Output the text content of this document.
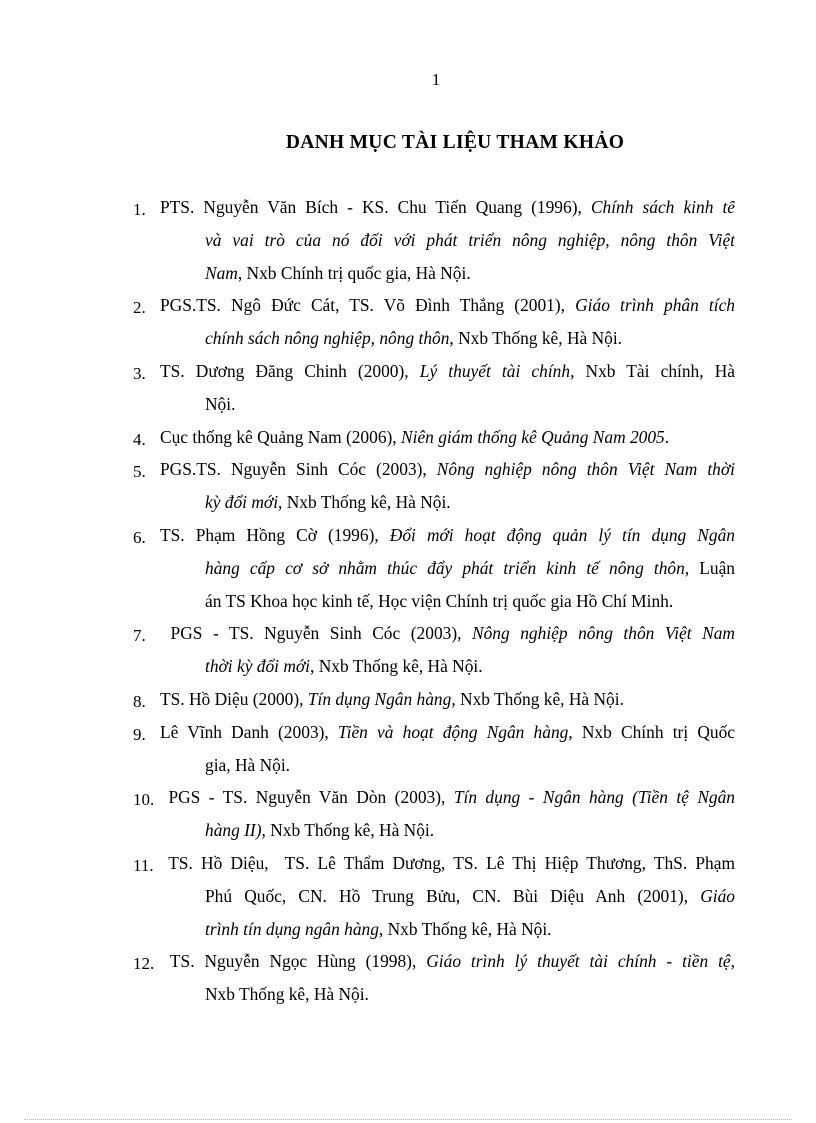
1
DANH MỤC TÀI LIỆU THAM KHẢO
1. PTS. Nguyễn Văn Bích - KS. Chu Tiến Quang (1996), Chính sách kinh tế
và vai trò của nó đối với phát triển nông nghiệp, nông thôn Việt
Nam, Nxb Chính trị quốc gia, Hà Nội.
2. PGS.TS. Ngô Đức Cát, TS. Võ Đình Thắng (2001), Giáo trình phân tích
chính sách nông nghiệp, nông thôn, Nxb Thống kê, Hà Nội.
3. TS. Dương Đăng Chinh (2000), Lý thuyết tài chính, Nxb Tài chính, Hà
Nội.
4. Cục thống kê Quảng Nam (2006), Niên giám thống kê Quảng Nam 2005.
5. PGS.TS. Nguyễn Sinh Cóc (2003), Nông nghiệp nông thôn Việt Nam thời
kỳ đổi mới, Nxb Thống kê, Hà Nội.
6. TS. Phạm Hồng Cờ (1996), Đổi mới hoạt động quản lý tín dụng Ngân
hàng cấp cơ sở nhằm thúc đẩy phát triển kinh tế nông thôn, Luận
án TS Khoa học kinh tế, Học viện Chính trị quốc gia Hồ Chí Minh.
7. PGS - TS. Nguyễn Sinh Cóc (2003), Nông nghiệp nông thôn Việt Nam
thời kỳ đổi mới, Nxb Thống kê, Hà Nội.
8. TS. Hồ Diệu (2000), Tín dụng Ngân hàng, Nxb Thống kê, Hà Nội.
9. Lê Vĩnh Danh (2003), Tiền và hoạt động Ngân hàng, Nxb Chính trị Quốc
gia, Hà Nội.
10. PGS - TS. Nguyễn Văn Dòn (2003), Tín dụng - Ngân hàng (Tiền tệ Ngân
hàng II), Nxb Thống kê, Hà Nội.
11. TS. Hồ Diệu,  TS. Lê Thẩm Dương, TS. Lê Thị Hiệp Thương, ThS. Phạm
Phú Quốc, CN. Hồ Trung Bửu, CN. Bùi Diệu Anh (2001), Giáo
trình tín dụng ngân hàng, Nxb Thống kê, Hà Nội.
12. TS. Nguyễn Ngọc Hùng (1998), Giáo trình lý thuyết tài chính - tiền tệ,
Nxb Thống kê, Hà Nội.
